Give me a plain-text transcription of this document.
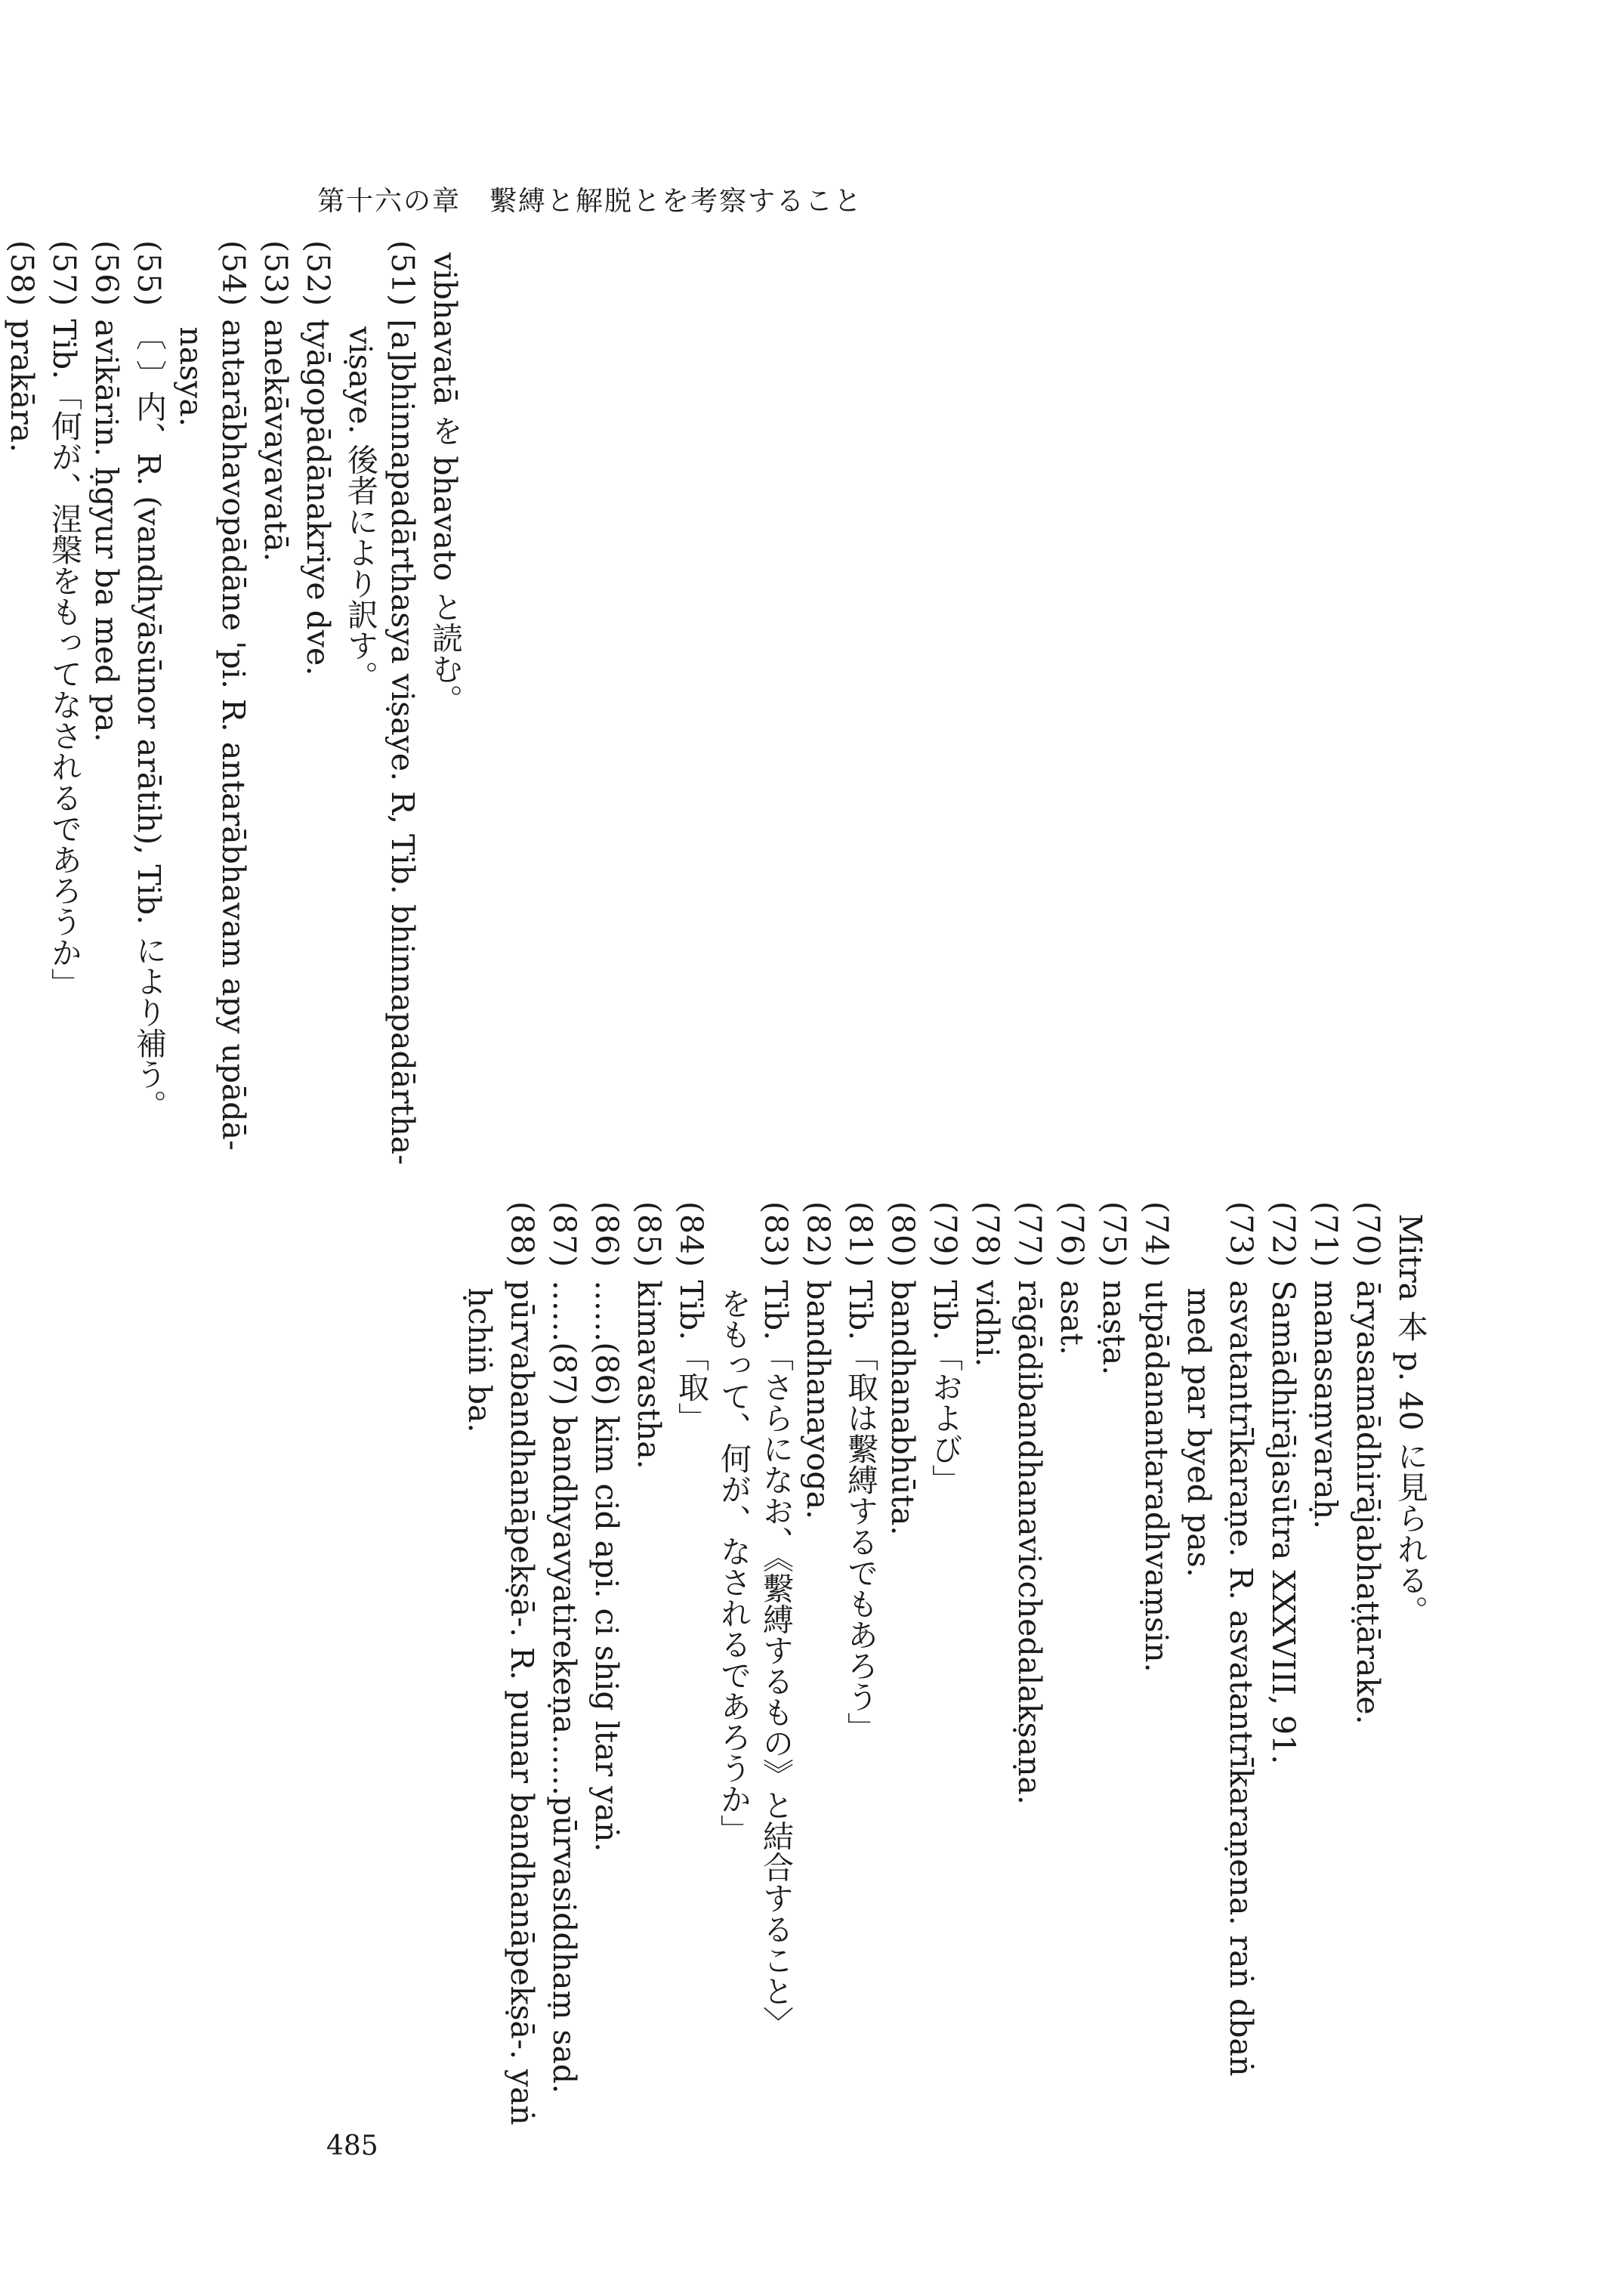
第十六の章　繫縛と解脱とを考察すること
vibhavatā を bhavato と読む。
(51)[a]bhinnapadārthasya viṣaye. R, Tib. bhinnapadārtha-
viṣaye. 後者により訳す。
(52)tyāgopādānakriye dve.
(53)anekāvayavatā.
(54)antarābhavopādāne 'pi. R. antarābhavam apy upādā-
nasya.
(55)〔 〕内、R. (vandhyāsūnor arātih), Tib. により補う。
(56)avikārin. ḥgyur ba med pa.
(57)Tib.「何が、涅槃をもってなされるであろうか」
(58)prakāra.
Mitra 本 p. 40 に見られる。
(70)āryasamādhirājabhaṭṭārake.
(71)manasaṃvaraḥ.
(72)Samādhirājasūtra XXXVIII, 91.
(73)asvatantrīkaraṇe. R. asvatantrīkaraṇena. raṅ dbaṅ
med par byed pas.
(74)utpādanantaradhvaṃsin.
(75)naṣṭa.
(76)asat.
(77)rāgādibandhanavicchedalakṣaṇa.
(78)vidhi.
(79)Tib.「および」
(80)bandhanabhūta.
(81)Tib.「取は繫縛するでもあろう」
(82)bandhanayoga.
(83)Tib.「さらになお、《繫縛するもの》と結合すること〉
をもって、何が、なされるであろうか」
(84)Tib.「取」
(85)kimavastha.
(86)……(86) kim cid api. ci shig ltar yaṅ.
(87)……(87) bandhyavyatirekeṇa……pūrvasiddhaṃ sad.
(88)pūrvabandhanāpekṣā-. R. punar bandhanāpekṣā-. yaṅ
ḥchiṅ ba.
485
